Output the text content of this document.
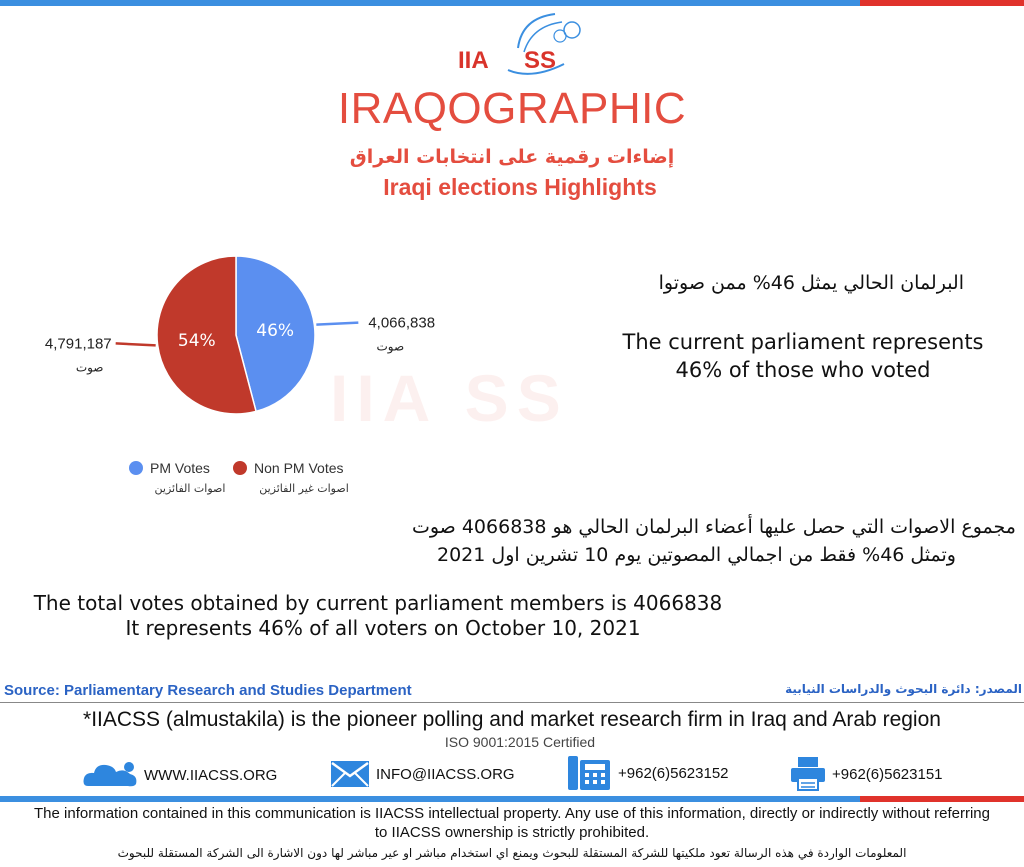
IIA SS
IRAQOGRAPHIC
إضاءات رقمية على انتخابات العراق
Iraqi elections Highlights
IIA SS
46%	4,066,838
صوت
54%
4,791,187
صوت
PM Votes
اصوات الفائزين
Non PM Votes
اصوات غير الفائزين
البرلمان الحالي يمثل 46% ممن صوتوا
The current parliament represents
46% of those who voted
مجموع الاصوات التي حصل عليها أعضاء البرلمان الحالي هو 4066838 صوت
وتمثل 46% فقط من اجمالي المصوتين يوم 10 تشرين اول 2021
The total votes obtained by current parliament members is 4066838
It represents 46% of all voters on October 10, 2021
Source: Parliamentary Research and Studies Department	المصدر: دائرة البحوث والدراسات النيابية
*IIACSS (almustakila) is the pioneer polling and market research firm in Iraq and Arab region
ISO 9001:2015 Certified
WWW.IIACSS.ORG	INFO@IIACSS.ORG	+962(6)5623152	+962(6)5623151
The information contained in this communication is IIACSS intellectual property. Any use of this information, directly or indirectly without referring
to IIACSS ownership is strictly prohibited.
المعلومات الواردة في هذه الرسالة تعود ملكيتها للشركة المستقلة للبحوث ويمنع اي استخدام مباشر او عير مباشر لها دون الاشارة الى الشركة المستقلة للبحوث
